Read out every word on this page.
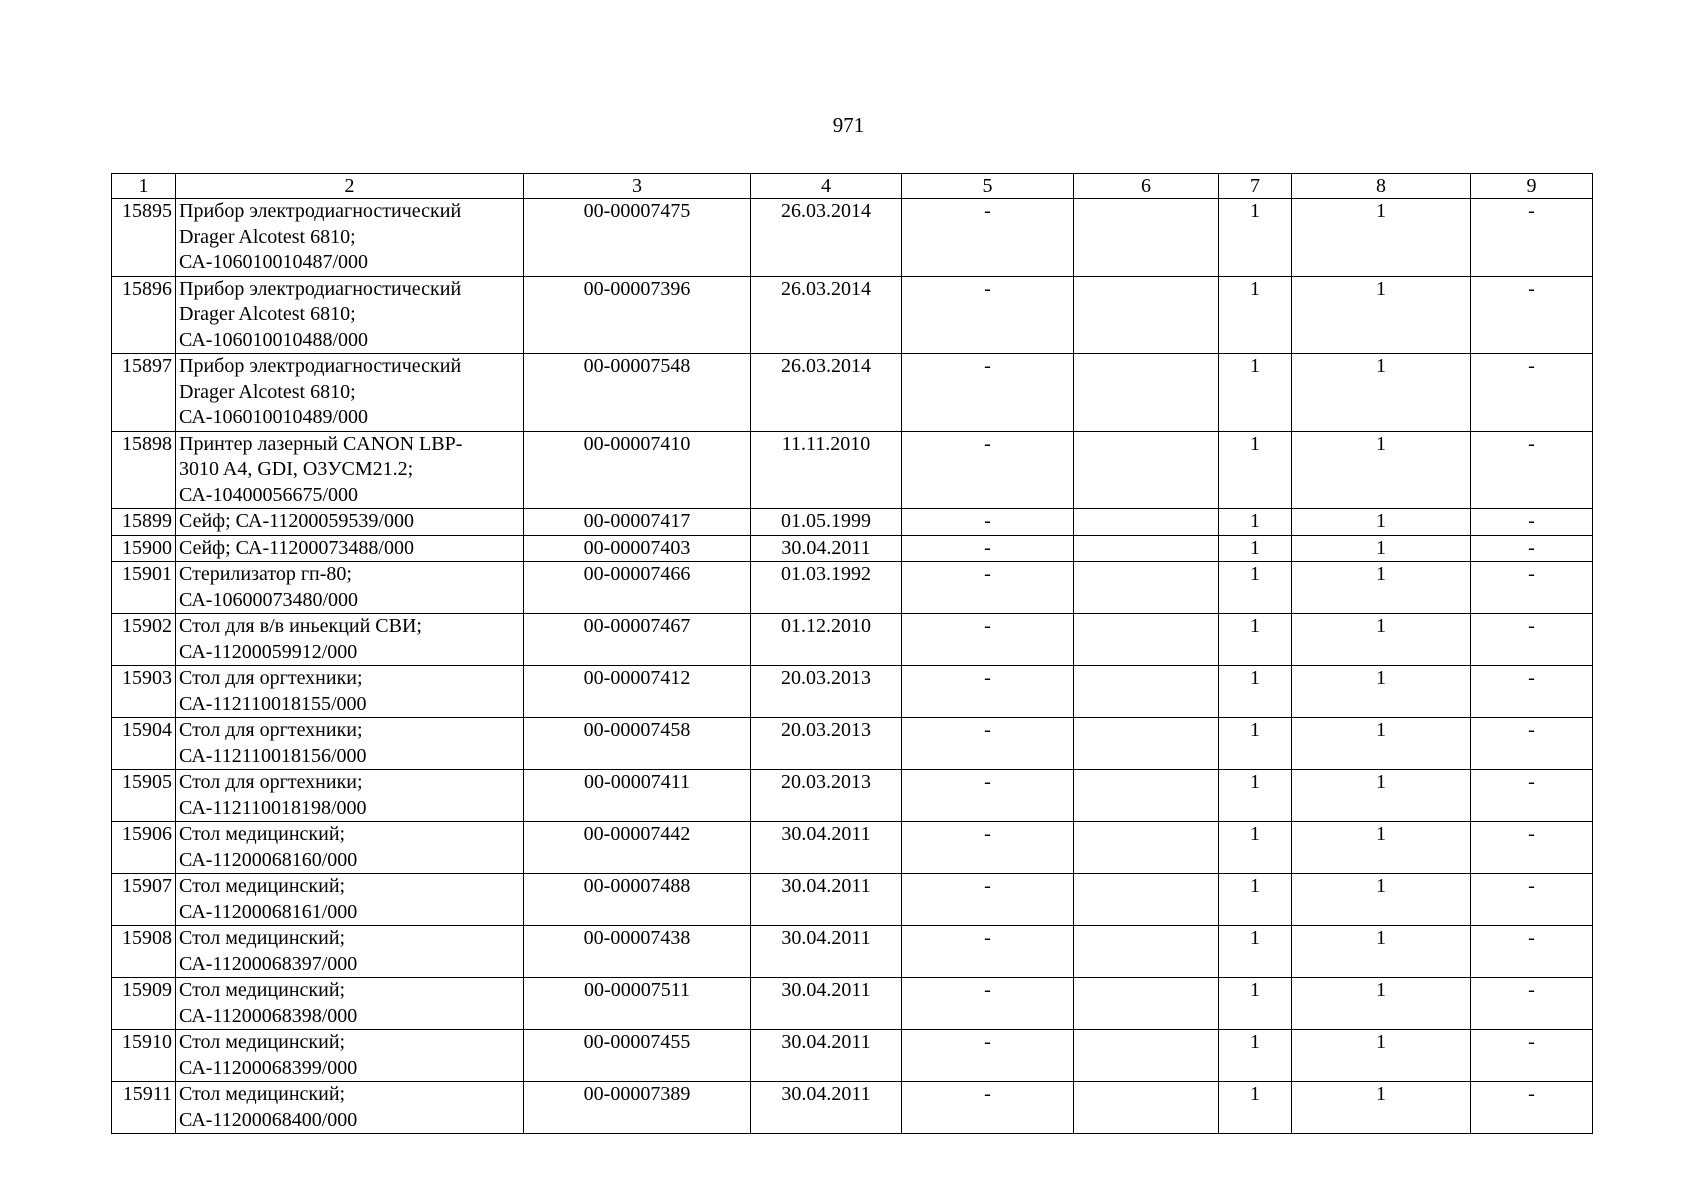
971
1	2	3	4	5	6	7	8	9
15895	Прибор электродиагностический
Drager Alcotest 6810;
СА-106010010487/000	00-00007475	26.03.2014	-		1	1	-
15896	Прибор электродиагностический
Drager Alcotest 6810;
СА-106010010488/000	00-00007396	26.03.2014	-		1	1	-
15897	Прибор электродиагностический
Drager Alcotest 6810;
СА-106010010489/000	00-00007548	26.03.2014	-		1	1	-
15898	Принтер лазерный CANON LBP-
3010 A4, GDI, O3УСМ21.2;
СА-10400056675/000	00-00007410	11.11.2010	-		1	1	-
15899	Сейф; СА-11200059539/000	00-00007417	01.05.1999	-		1	1	-
15900	Сейф; СА-11200073488/000	00-00007403	30.04.2011	-		1	1	-
15901	Стерилизатор гп-80;
СА-10600073480/000	00-00007466	01.03.1992	-		1	1	-
15902	Стол для в/в иньекций СВИ;
СА-11200059912/000	00-00007467	01.12.2010	-		1	1	-
15903	Стол для оргтехники;
СА-112110018155/000	00-00007412	20.03.2013	-		1	1	-
15904	Стол для оргтехники;
СА-112110018156/000	00-00007458	20.03.2013	-		1	1	-
15905	Стол для оргтехники;
СА-112110018198/000	00-00007411	20.03.2013	-		1	1	-
15906	Стол медицинский;
СА-11200068160/000	00-00007442	30.04.2011	-		1	1	-
15907	Стол медицинский;
СА-11200068161/000	00-00007488	30.04.2011	-		1	1	-
15908	Стол медицинский;
СА-11200068397/000	00-00007438	30.04.2011	-		1	1	-
15909	Стол медицинский;
СА-11200068398/000	00-00007511	30.04.2011	-		1	1	-
15910	Стол медицинский;
СА-11200068399/000	00-00007455	30.04.2011	-		1	1	-
15911	Стол медицинский;
СА-11200068400/000	00-00007389	30.04.2011	-		1	1	-
